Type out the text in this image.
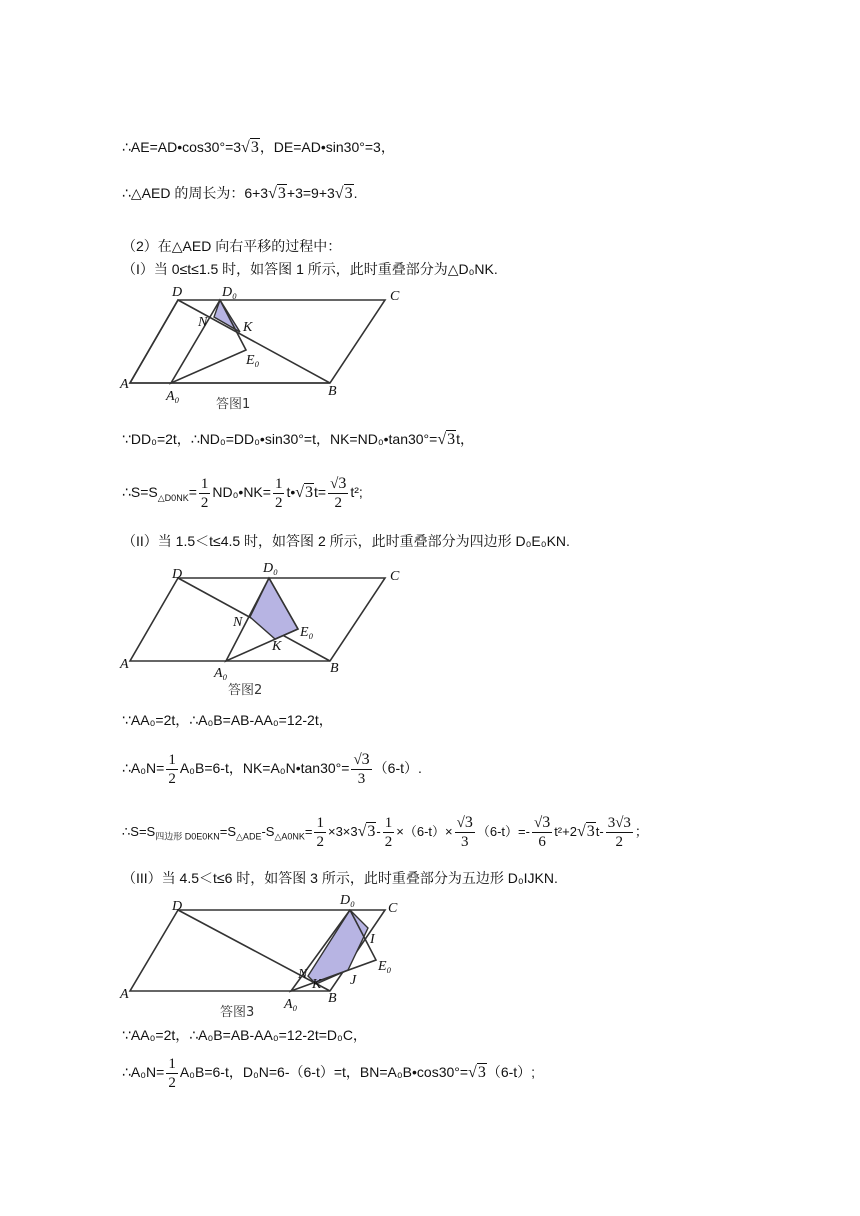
∴AE=AD•cos30°=3√3，DE=AD•sin30°=3，
∴△AED 的周长为：6+3√3+3=9+3√3.
（2）在△AED 向右平移的过程中：
（I）当 0≤t≤1.5 时，如答图 1 所示，此时重叠部分为△D₀NK.
D	D₀	C
N	K
E₀
A
A₀	B
答图1
∵DD₀=2t，∴ND₀=DD₀•sin30°=t，NK=ND₀•tan30°=√3t，
$\therefore S=S_{\triangle D0NK}= \frac{1}{2}$ ND₀•NK= $\frac{1}{2}$ t•√3t= $\frac{√3}{2} t^2$;
（II）当 1.5＜t≤4.5 时，如答图 2 所示，此时重叠部分为四边形 D₀E₀KN.
D	D₀
C
N
E₀
K
A
A₀	B
答图2
∵AA₀=2t，∴A₀B=AB-AA₀=12-2t，
∴A₀N= $\frac{1}{2} A_0B=6-t$，NK=A₀N•tan30°= $\frac{√3}{3} (6-t)$.
$\therefore S=S_{四边形 D0E0KN}=S_{\triangle ADE}-S_{\triangle A0NK}= \frac{1}{2} \times 3\times 3√3- \frac{1}{2} \times(6-t)\times \frac{√3}{3} (6-t)=- \frac{√3}{6} t^2+2√3t- \frac{3√3}{2}$ ；
（III）当 4.5＜t≤6 时，如答图 3 所示，此时重叠部分为五边形 D₀IJKN.
D	D₀
C
I
E₀
N
K J
A
A₀ B
答图3
∵AA₀=2t，∴A₀B=AB-AA₀=12-2t=D₀C，
∴A₀N= $\frac{1}{2} A_0B=6-t$，D₀N=6-（6-t）=t，BN=A₀B•cos30°=√3（6-t）;
